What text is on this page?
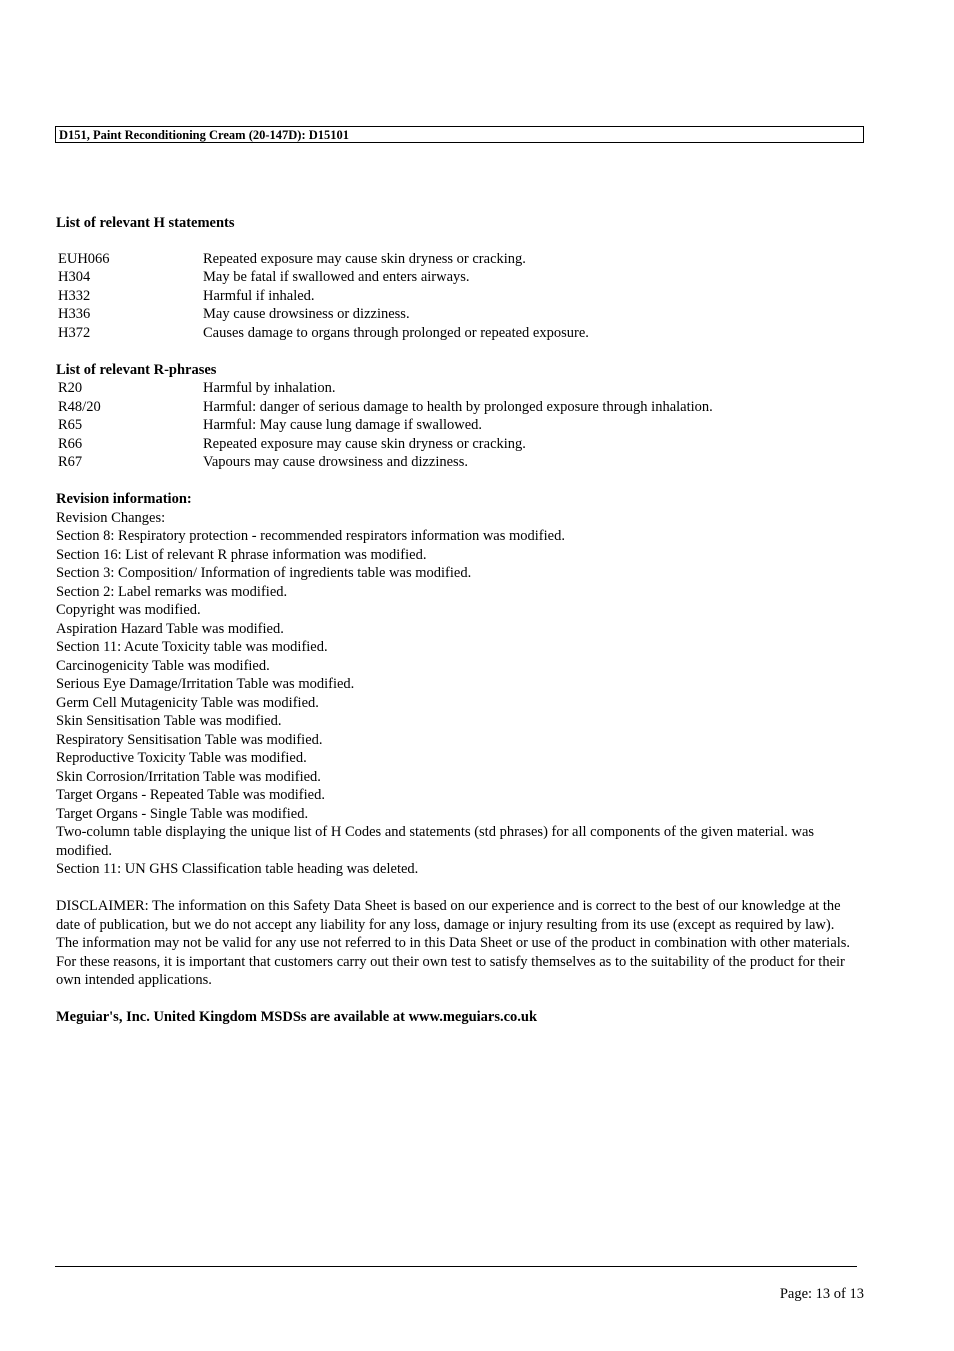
D151, Paint Reconditioning Cream (20-147D): D15101
List of relevant H statements
EUH066	Repeated exposure may cause skin dryness or cracking.
H304	May be fatal if swallowed and enters airways.
H332	Harmful if inhaled.
H336	May cause drowsiness or dizziness.
H372	Causes damage to organs through prolonged or repeated exposure.
List of relevant R-phrases
R20	Harmful by inhalation.
R48/20	Harmful: danger of serious damage to health by prolonged exposure through inhalation.
R65	Harmful: May cause lung damage if swallowed.
R66	Repeated exposure may cause skin dryness or cracking.
R67	Vapours may cause drowsiness and dizziness.
Revision information:
Revision Changes:
Section 8: Respiratory protection - recommended respirators information was modified.
Section 16: List of relevant R phrase information was modified.
Section 3: Composition/ Information of ingredients table was modified.
Section 2: Label remarks was modified.
Copyright was modified.
Aspiration Hazard Table was modified.
Section 11: Acute Toxicity table was modified.
Carcinogenicity Table was modified.
Serious Eye Damage/Irritation Table was modified.
Germ Cell Mutagenicity Table was modified.
Skin Sensitisation Table was modified.
Respiratory Sensitisation Table was modified.
Reproductive Toxicity Table was modified.
Skin Corrosion/Irritation Table was modified.
Target Organs - Repeated Table was modified.
Target Organs - Single Table was modified.
Two-column table displaying the unique list of H Codes and statements (std phrases) for all components of the given material. was modified.
Section 11: UN GHS Classification table heading was deleted.
DISCLAIMER: The information on this Safety Data Sheet is based on our experience and is correct to the best of our knowledge at the date of publication, but we do not accept any liability for any loss, damage or injury resulting from its use (except as required by law). The information may not be valid for any use not referred to in this Data Sheet or use of the product in combination with other materials. For these reasons, it is important that customers carry out their own test to satisfy themselves as to the suitability of the product for their own intended applications.
Meguiar's, Inc. United Kingdom MSDSs are available at www.meguiars.co.uk
Page: 13 of 13
